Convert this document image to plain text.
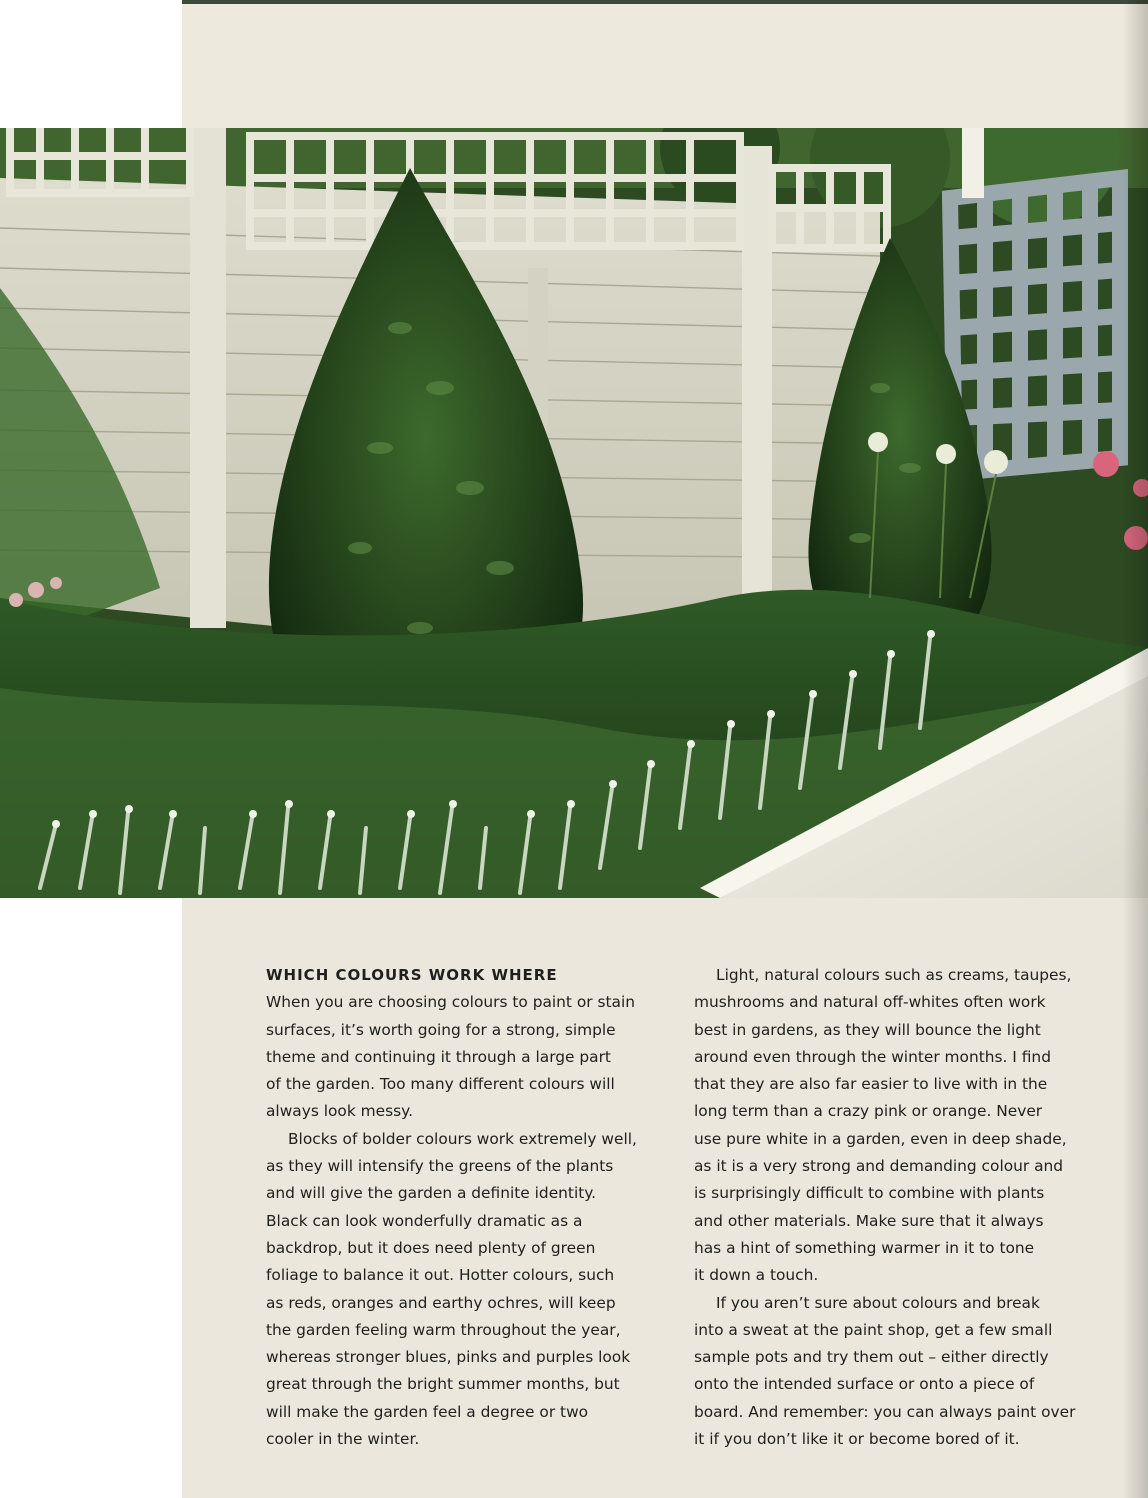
WHICH COLOURS WORK WHERE
When you are choosing colours to paint or stain
surfaces, it’s worth going for a strong, simple
theme and continuing it through a large part
of the garden. Too many different colours will
always look messy.
Blocks of bolder colours work extremely well,
as they will intensify the greens of the plants
and will give the garden a definite identity.
Black can look wonderfully dramatic as a
backdrop, but it does need plenty of green
foliage to balance it out. Hotter colours, such
as reds, oranges and earthy ochres, will keep
the garden feeling warm throughout the year,
whereas stronger blues, pinks and purples look
great through the bright summer months, but
will make the garden feel a degree or two
cooler in the winter.
Light, natural colours such as creams, taupes,
mushrooms and natural off-whites often work
best in gardens, as they will bounce the light
around even through the winter months. I find
that they are also far easier to live with in the
long term than a crazy pink or orange. Never
use pure white in a garden, even in deep shade,
as it is a very strong and demanding colour and
is surprisingly difficult to combine with plants
and other materials. Make sure that it always
has a hint of something warmer in it to tone
it down a touch.
If you aren’t sure about colours and break
into a sweat at the paint shop, get a few small
sample pots and try them out – either directly
onto the intended surface or onto a piece of
board. And remember: you can always paint over
it if you don’t like it or become bored of it.
